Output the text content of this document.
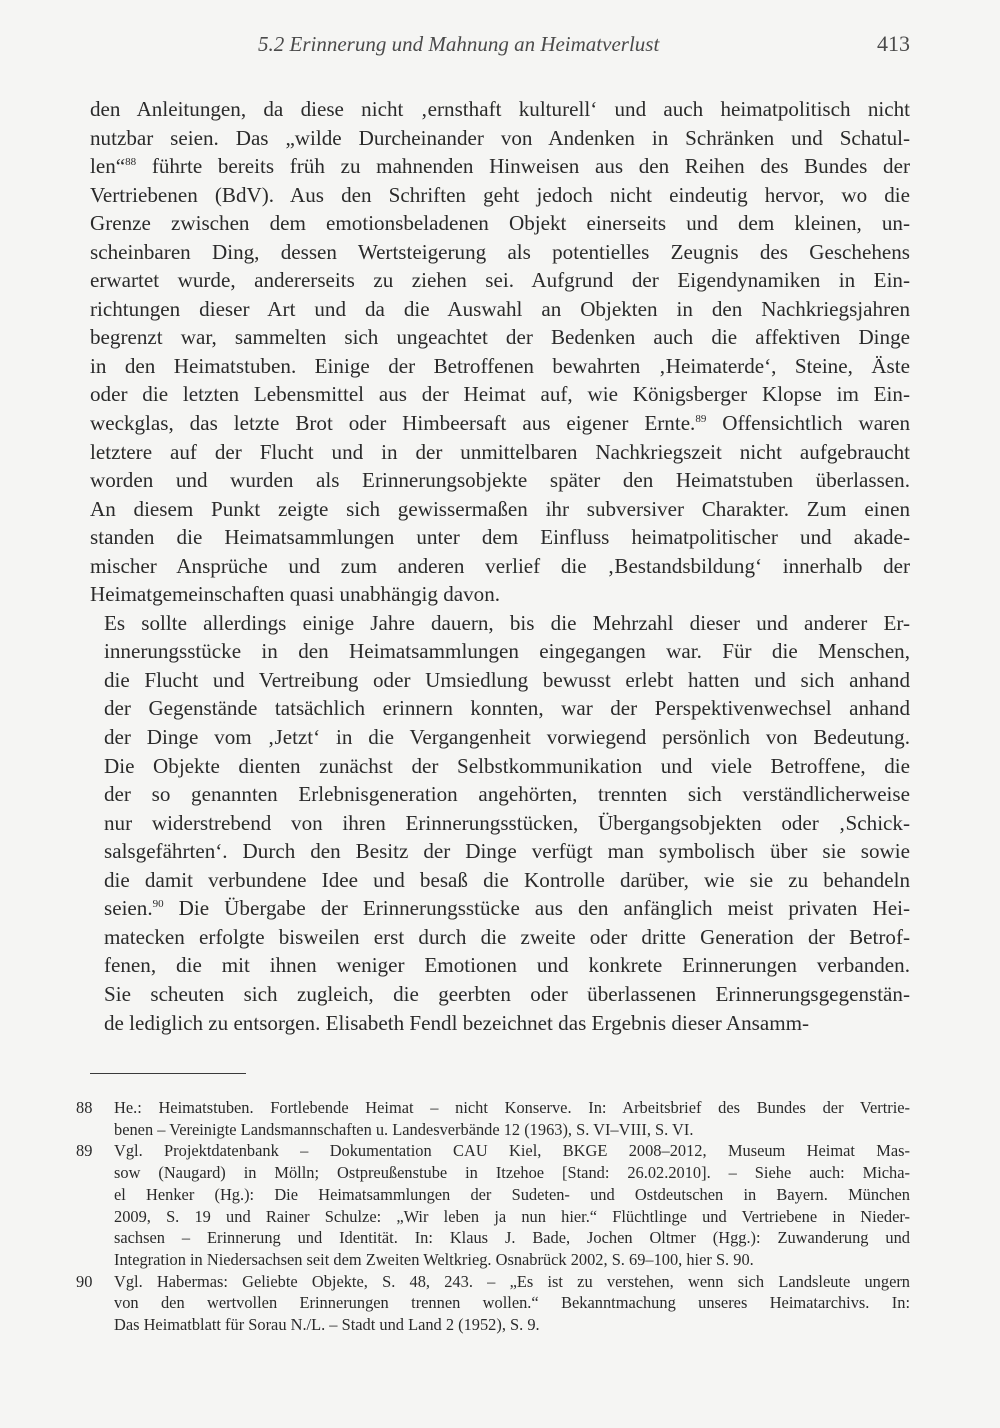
5.2 Erinnerung und Mahnung an Heimatverlust	413

den Anleitungen, da diese nicht ‚ernsthaft kulturell‘ und auch heimatpolitisch nicht
nutzbar seien. Das „wilde Durcheinander von Andenken in Schränken und Schatul-
len“$^{88}$ führte bereits früh zu mahnenden Hinweisen aus den Reihen des Bundes der
Vertriebenen (BdV). Aus den Schriften geht jedoch nicht eindeutig hervor, wo die
Grenze zwischen dem emotionsbeladenen Objekt einerseits und dem kleinen, un-
scheinbaren Ding, dessen Wertsteigerung als potentielles Zeugnis des Geschehens
erwartet wurde, andererseits zu ziehen sei. Aufgrund der Eigendynamiken in Ein-
richtungen dieser Art und da die Auswahl an Objekten in den Nachkriegsjahren
begrenzt war, sammelten sich ungeachtet der Bedenken auch die affektiven Dinge
in den Heimatstuben. Einige der Betroffenen bewahrten ‚Heimaterde‘, Steine, Äste
oder die letzten Lebensmittel aus der Heimat auf, wie Königsberger Klopse im Ein-
weckglas, das letzte Brot oder Himbeersaft aus eigener Ernte.$^{89}$ Offensichtlich waren
letztere auf der Flucht und in der unmittelbaren Nachkriegszeit nicht aufgebraucht
worden und wurden als Erinnerungsobjekte später den Heimatstuben überlassen.
An diesem Punkt zeigte sich gewissermaßen ihr subversiver Charakter. Zum einen
standen die Heimatsammlungen unter dem Einfluss heimatpolitischer und akade-
mischer Ansprüche und zum anderen verlief die ‚Bestandsbildung‘ innerhalb der
Heimatgemeinschaften quasi unabhängig davon.

Es sollte allerdings einige Jahre dauern, bis die Mehrzahl dieser und anderer Er-
innerungsstücke in den Heimatsammlungen eingegangen war. Für die Menschen,
die Flucht und Vertreibung oder Umsiedlung bewusst erlebt hatten und sich anhand
der Gegenstände tatsächlich erinnern konnten, war der Perspektivenwechsel anhand
der Dinge vom ‚Jetzt‘ in die Vergangenheit vorwiegend persönlich von Bedeutung.
Die Objekte dienten zunächst der Selbstkommunikation und viele Betroffene, die
der so genannten Erlebnisgeneration angehörten, trennten sich verständlicherweise
nur widerstrebend von ihren Erinnerungsstücken, Übergangsobjekten oder ‚Schick-
salsgefährten‘. Durch den Besitz der Dinge verfügt man symbolisch über sie sowie
die damit verbundene Idee und besaß die Kontrolle darüber, wie sie zu behandeln
seien.$^{90}$ Die Übergabe der Erinnerungsstücke aus den anfänglich meist privaten Hei-
matecken erfolgte bisweilen erst durch die zweite oder dritte Generation der Betrof-
fenen, die mit ihnen weniger Emotionen und konkrete Erinnerungen verbanden.
Sie scheuten sich zugleich, die geerbten oder überlassenen Erinnerungsgegenstän-
de lediglich zu entsorgen. Elisabeth Fendl bezeichnet das Ergebnis dieser Ansamm-

88	He.: Heimatstuben. Fortlebende Heimat – nicht Konserve. In: Arbeitsbrief des Bundes der Vertrie-
benen – Vereinigte Landsmannschaften u. Landesverbände 12 (1963), S. VI–VIII, S. VI.
89	Vgl. Projektdatenbank – Dokumentation CAU Kiel, BKGE 2008–2012, Museum Heimat Mas-
sow (Naugard) in Mölln; Ostpreußenstube in Itzehoe [Stand: 26.02.2010]. – Siehe auch: Micha-
el Henker (Hg.): Die Heimatsammlungen der Sudeten- und Ostdeutschen in Bayern. München
2009, S. 19 und Rainer Schulze: „Wir leben ja nun hier.“ Flüchtlinge und Vertriebene in Nieder-
sachsen – Erinnerung und Identität. In: Klaus J. Bade, Jochen Oltmer (Hgg.): Zuwanderung und
Integration in Niedersachsen seit dem Zweiten Weltkrieg. Osnabrück 2002, S. 69–100, hier S. 90.
90	Vgl. Habermas: Geliebte Objekte, S. 48, 243. – „Es ist zu verstehen, wenn sich Landsleute ungern
von den wertvollen Erinnerungen trennen wollen.“ Bekanntmachung unseres Heimatarchivs. In:
Das Heimatblatt für Sorau N./L. – Stadt und Land 2 (1952), S. 9.
